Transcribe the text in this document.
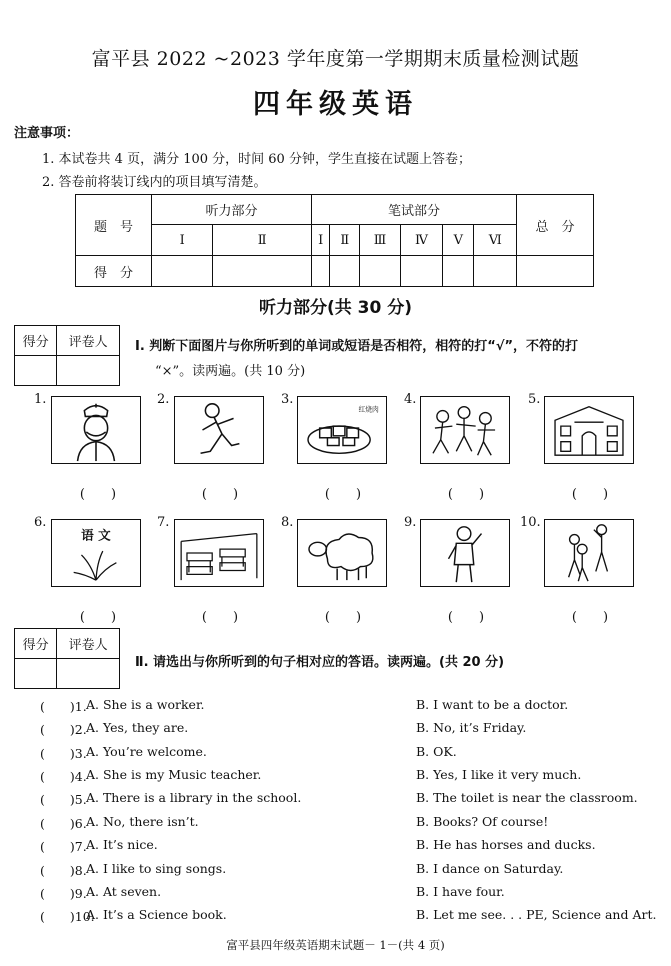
富平县 2022 ~2023 学年度第一学期期末质量检测试题
四年级英语
注意事项：
1. 本试卷共 4 页，满分 100 分，时间 60 分钟，学生直接在试题上答卷；
2. 答卷前将装订线内的项目填写清楚。
题　号	听力部分		笔试部分						总　分
	Ⅰ	Ⅱ	Ⅰ	Ⅱ	Ⅲ	Ⅳ	Ⅴ	Ⅵ	
得　分									
听力部分(共 30 分)
得分	评卷人
	Ⅰ. 判断下面图片与你所听到的单词或短语是否相符，相符的打“√”，不符的打
“×”。读两遍。(共 10 分)
1.
(　　)
2.
(　　)
3.
红烧肉
(　　)
4.
(　　)
5.
(　　)
6.
语 文
(　　)
7.
(　　)
8.
(　　)
9.
(　　)
10.
(　　)
得分	评卷人

Ⅱ. 请选出与你所听到的句子相对应的答语。读两遍。(共 20 分)
(　　)1. A. She is a worker.	B. I want to be a doctor.
(　　)2. A. Yes, they are.	B. No, it’s Friday.
(　　)3. A. You’re welcome.	B. OK.
(　　)4. A. She is my Music teacher.	B. Yes, I like it very much.
(　　)5. A. There is a library in the school.	B. The toilet is near the classroom.
(　　)6. A. No, there isn’t.	B. Books? Of course!
(　　)7. A. It’s nice.	B. He has horses and ducks.
(　　)8. A. I like to sing songs.	B. I dance on Saturday.
(　　)9. A. At seven.	B. I have four.
(　　)10.
A. It’s a Science book.	B. Let me see. . . PE, Science and Art.
富平县四年级英语期末试题－ 1－(共 4 页)
